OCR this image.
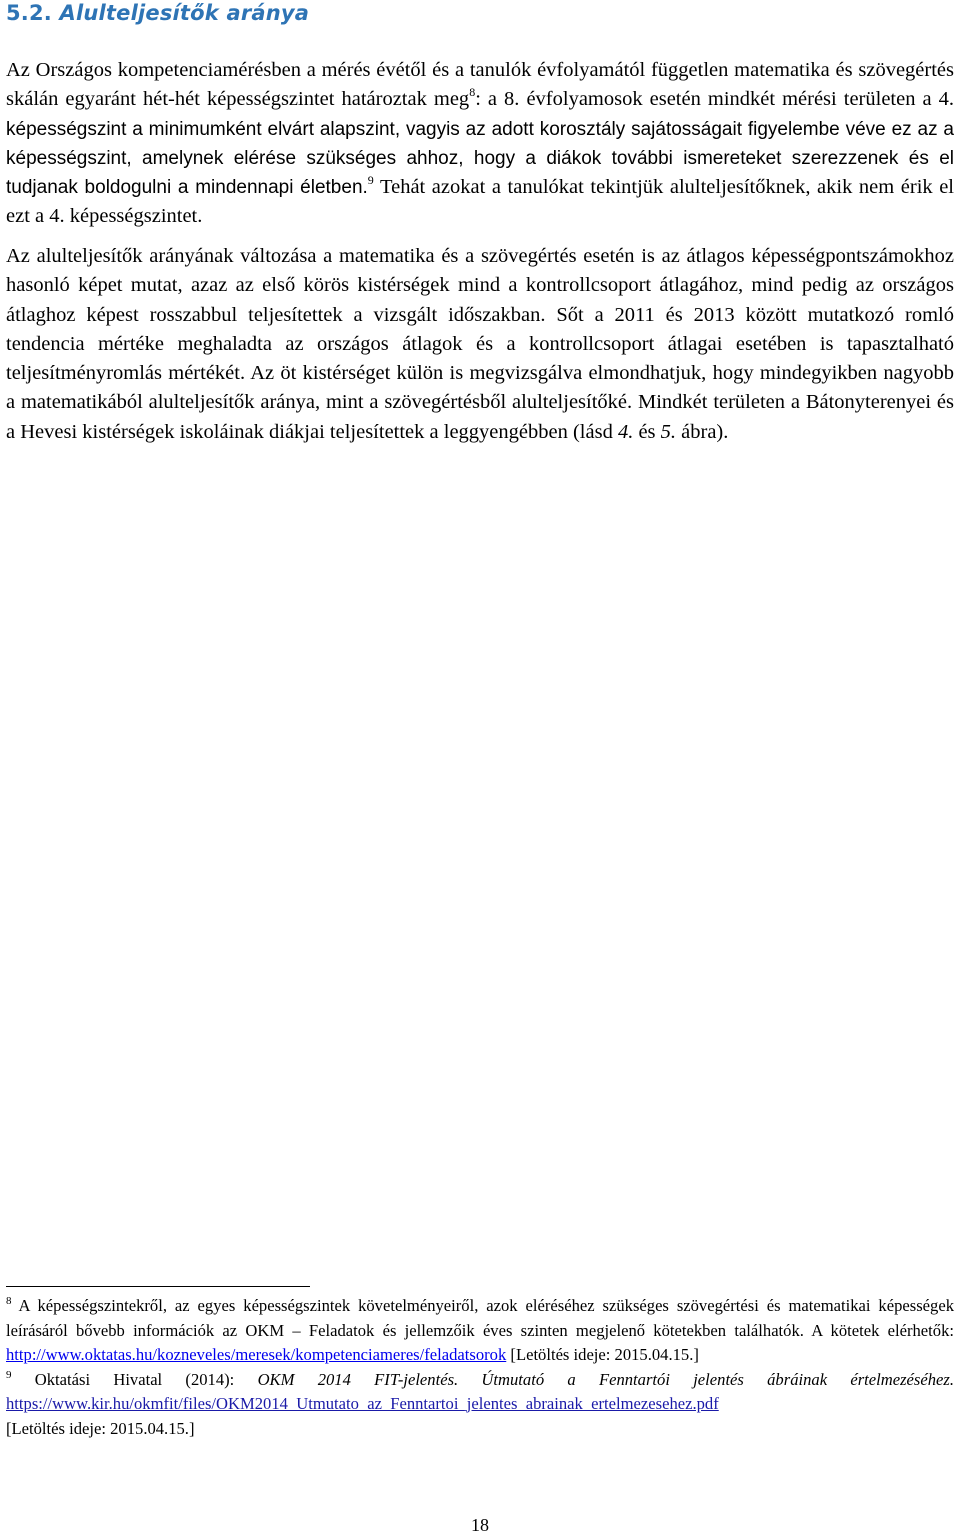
5.2. Alulteljesítők aránya

Az Országos kompetenciamérésben a mérés évétől és a tanulók évfolyamától független matematika és szövegértés skálán egyaránt hét-hét képességszintet határoztak meg$^8$: a 8. évfolyamosok esetén mindkét mérési területen a 4. képességszint a minimumként elvárt alapszint, vagyis az adott korosztály sajátosságait figyelembe véve ez az a képességszint, amelynek elérése szükséges ahhoz, hogy a diákok további ismereteket szerezzenek és el tudjanak boldogulni a mindennapi életben.$^9$ Tehát azokat a tanulókat tekintjük alulteljesítőknek, akik nem érik el ezt a 4. képességszintet.

Az alulteljesítők arányának változása a matematika és a szövegértés esetén is az átlagos képességpontszámokhoz hasonló képet mutat, azaz az első körös kistérségek mind a kontrollcsoport átlagához, mind pedig az országos átlaghoz képest rosszabbul teljesítettek a vizsgált időszakban. Sőt a 2011 és 2013 között mutatkozó romló tendencia mértéke meghaladta az országos átlagok és a kontrollcsoport átlagai esetében is tapasztalható teljesítményromlás mértékét. Az öt kistérséget külön is megvizsgálva elmondhatjuk, hogy mindegyikben nagyobb a matematikából alulteljesítők aránya, mint a szövegértésből alulteljesítőké. Mindkét területen a Bátonyterenyei és a Hevesi kistérségek iskoláinak diákjai teljesítettek a leggyengébben (lásd 4. és 5. ábra).

$^8$ A képességszintekről, az egyes képességszintek követelményeiről, azok eléréséhez szükséges szövegértési és matematikai képességek leírásáról bővebb információk az OKM – Feladatok és jellemzőik éves szinten megjelenő kötetekben találhatók. A kötetek elérhetők: http://www.oktatas.hu/kozneveles/meresek/kompetenciameres/feladatsorok [Letöltés ideje: 2015.04.15.]

$^9$ Oktatási Hivatal (2014): OKM 2014 FIT-jelentés. Útmutató a Fenntartói jelentés ábráinak értelmezéséhez. https://www.kir.hu/okmfit/files/OKM2014_Utmutato_az_Fenntartoi_jelentes_abrainak_ertelmezesehez.pdf
[Letöltés ideje: 2015.04.15.]

18
